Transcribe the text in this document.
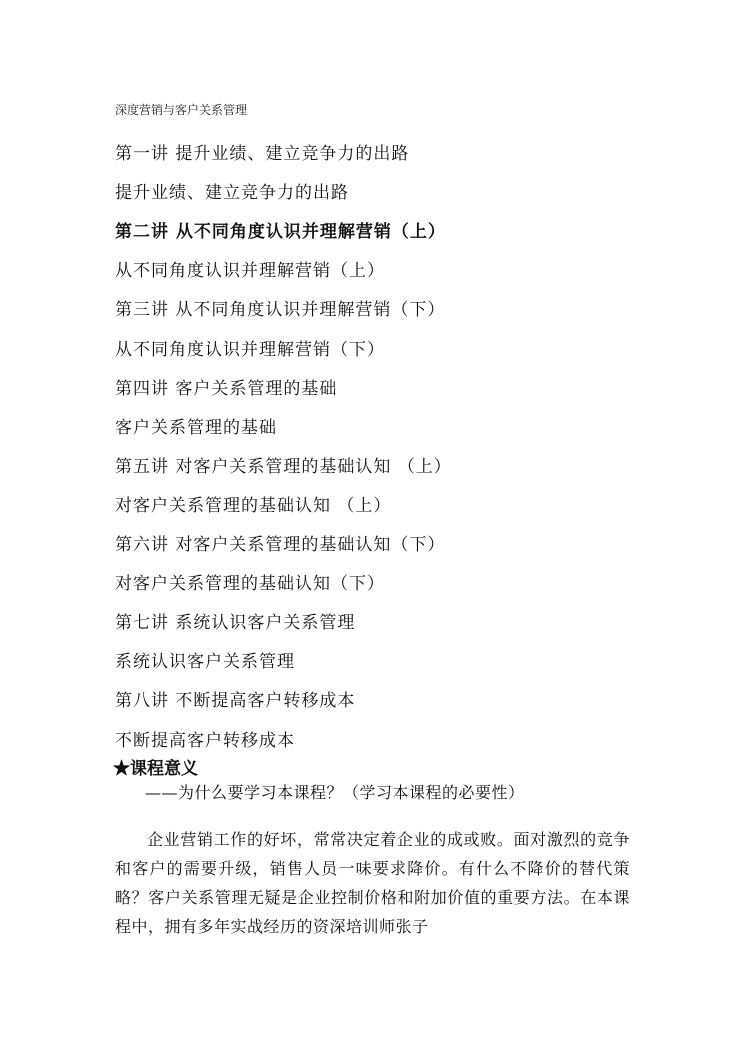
深度营销与客户关系管理
第一讲 提升业绩、建立竞争力的出路
提升业绩、建立竞争力的出路
第二讲 从不同角度认识并理解营销（上）
从不同角度认识并理解营销（上）
第三讲 从不同角度认识并理解营销（下）
从不同角度认识并理解营销（下）
第四讲 客户关系管理的基础
客户关系管理的基础
第五讲 对客户关系管理的基础认知 （上）
对客户关系管理的基础认知 （上）
第六讲 对客户关系管理的基础认知（下）
对客户关系管理的基础认知（下）
第七讲 系统认识客户关系管理
系统认识客户关系管理
第八讲 不断提高客户转移成本
不断提高客户转移成本
★课程意义
——为什么要学习本课程？（学习本课程的必要性）
企业营销工作的好坏，常常决定着企业的成或败。面对激烈的竞争和客户的需要升级，销售人员一味要求降价。有什么不降价的替代策略？客户关系管理无疑是企业控制价格和附加价值的重要方法。在本课程中，拥有多年实战经历的资深培训师张子
